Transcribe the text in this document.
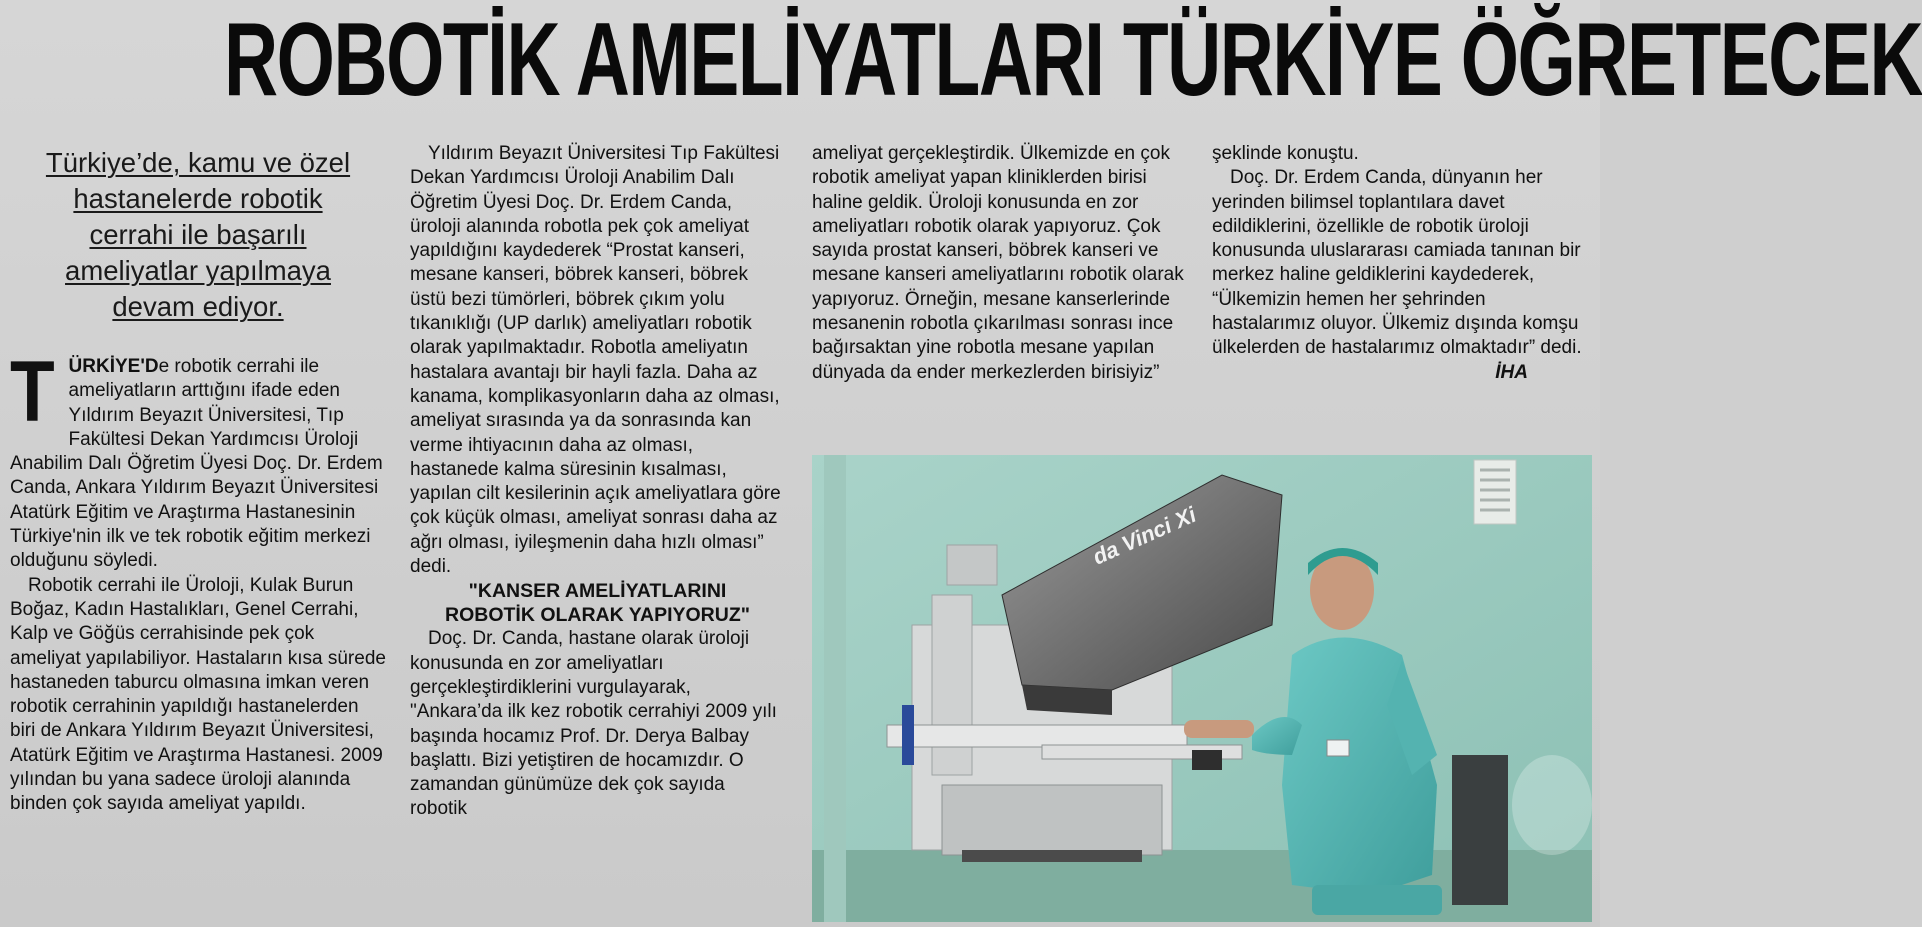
ROBOTİK AMELİYATLARI TÜRKİYE ÖĞRETECEK
Türkiye’de, kamu ve özel
hastanelerde robotik
cerrahi ile başarılı
ameliyatlar yapılmaya
devam ediyor.

TÜRKİYE'De robotik cerrahi ile ameliyatların arttığını ifade eden Yıldırım Beyazıt Üniversitesi, Tıp Fakültesi Dekan Yardımcısı Üroloji Anabilim Dalı Öğretim Üyesi Doç. Dr. Erdem Canda, Ankara Yıldırım Beyazıt Üniversitesi Atatürk Eğitim ve Araştırma Hastanesinin Türkiye'nin ilk ve tek robotik eğitim merkezi olduğunu söyledi.

Robotik cerrahi ile Üroloji, Kulak Burun Boğaz, Kadın Hastalıkları, Genel Cerrahi, Kalp ve Göğüs cerrahisinde pek çok ameliyat yapılabiliyor. Hastaların kısa sürede hastaneden taburcu olmasına imkan veren robotik cerrahinin yapıldığı hastanelerden biri de Ankara Yıldırım Beyazıt Üniversitesi, Atatürk Eğitim ve Araştırma Hastanesi. 2009 yılından bu yana sadece üroloji alanında binden çok sayıda ameliyat yapıldı.

Yıldırım Beyazıt Üniversitesi Tıp Fakültesi Dekan Yardımcısı Üroloji Anabilim Dalı Öğretim Üyesi Doç. Dr. Erdem Canda, üroloji alanında robotla pek çok ameliyat yapıldığını kaydederek “Prostat kanseri, mesane kanseri, böbrek kanseri, böbrek üstü bezi tümörleri, böbrek çıkım yolu tıkanıklığı (UP darlık) ameliyatları robotik olarak yapılmaktadır. Robotla ameliyatın hastalara avantajı bir hayli fazla. Daha az kanama, komplikasyonların daha az olması, ameliyat sırasında ya da sonrasında kan verme ihtiyacının daha az olması, hastanede kalma süresinin kısalması, yapılan cilt kesilerinin açık ameliyatlara göre çok küçük olması, ameliyat sonrası daha az ağrı olması, iyileşmenin daha hızlı olması” dedi.

"KANSER AMELİYATLARINI
ROBOTİK OLARAK YAPIYORUZ"

Doç. Dr. Canda, hastane olarak üroloji konusunda en zor ameliyatları gerçekleştirdiklerini vurgulayarak, "Ankara’da ilk kez robotik cerrahiyi 2009 yılı başında hocamız Prof. Dr. Derya Balbay başlattı. Bizi yetiştiren de hocamızdır. O zamandan günümüze dek çok sayıda robotik

ameliyat gerçekleştirdik. Ülkemizde en çok robotik ameliyat yapan kliniklerden birisi haline geldik. Üroloji konusunda en zor ameliyatları robotik olarak yapıyoruz. Çok sayıda prostat kanseri, böbrek kanseri ve mesane kanseri ameliyatlarını robotik olarak yapıyoruz. Örneğin, mesane kanserlerinde mesanenin robotla çıkarılması sonrası ince bağırsaktan yine robotla mesane yapılan dünyada da ender merkezlerden birisiyiz”

şeklinde konuştu.

Doç. Dr. Erdem Canda, dünyanın her yerinden bilimsel toplantılara davet edildiklerini, özellikle de robotik üroloji konusunda uluslararası camiada tanınan bir merkez haline geldiklerini kaydederek, “Ülkemizin hemen her şehrinden hastalarımız oluyor. Ülkemiz dışında komşu ülkelerden de hastalarımız olmaktadır” dedi.

İHA

da Vinci Xi
